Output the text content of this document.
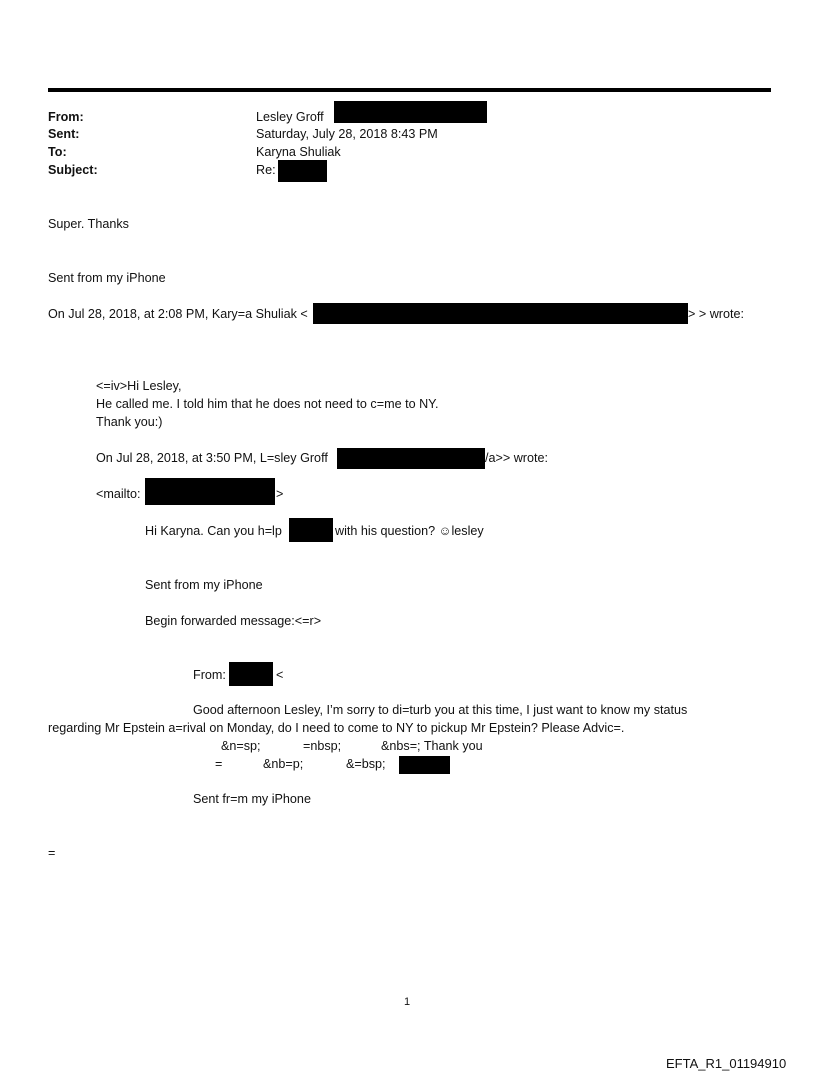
From:	Lesley Groff
Sent:	Saturday, July 28, 2018 8:43 PM
To:	Karyna Shuliak
Subject:	Re:
Super. Thanks
Sent from my iPhone
On Jul 28, 2018, at 2:08 PM, Kary=a Shuliak <	> > wrote:
<=iv>Hi Lesley,
He called me. I told him that he does not need to c=me to NY.
Thank you:)
On Jul 28, 2018, at 3:50 PM, L=sley Groff	/a>> wrote:
<mailto:	>
Hi Karyna. Can you h=lp	with his question? ☺︎lesley
Sent from my iPhone
Begin forwarded message:<=r>
From:	<
Good afternoon Lesley, I’m sorry to di=turb you at this time, I just want to know my status
regarding Mr Epstein a=rival on Monday, do I need to come to NY to pickup Mr Epstein? Please Advic=.
&n=sp;	=nbsp;	&nbs=; Thank you
=	&nb=p;	&=bsp;
Sent fr=m my iPhone
=
1
EFTA_R1_01194910
